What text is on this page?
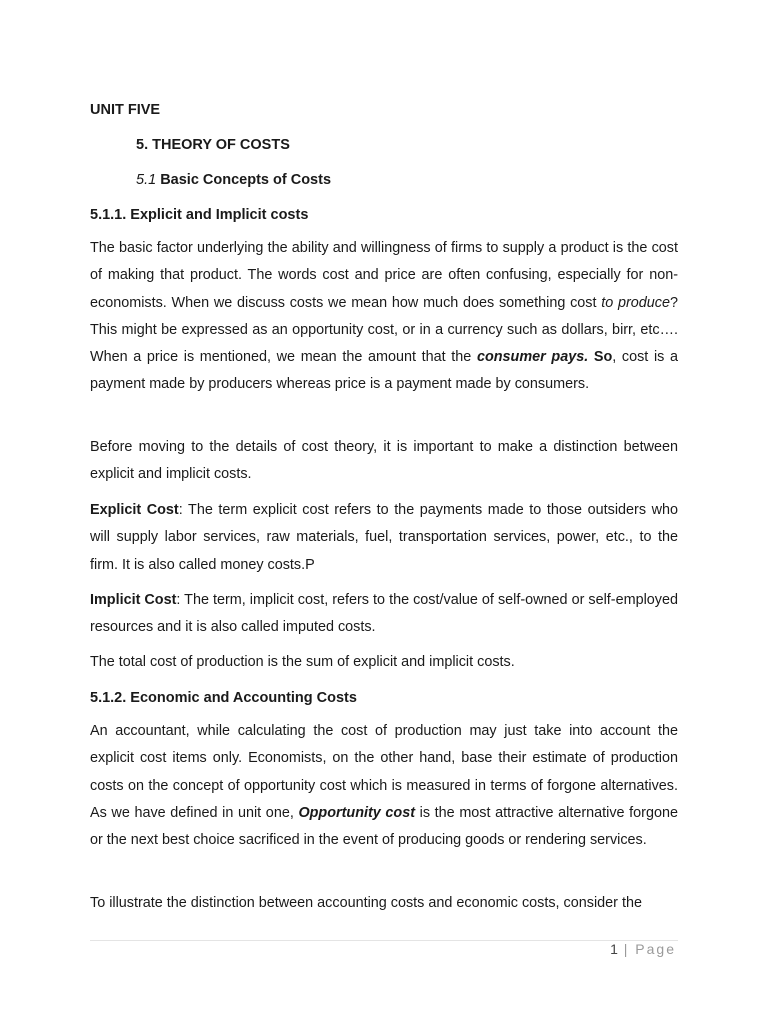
UNIT FIVE
5. THEORY OF COSTS
5.1 Basic Concepts of Costs
5.1.1. Explicit and Implicit costs

The basic factor underlying the ability and willingness of firms to supply a product is the cost of making that product. The words cost and price are often confusing, especially for non-economists. When we discuss costs we mean how much does something cost to produce? This might be expressed as an opportunity cost, or in a currency such as dollars, birr, etc…. When a price is mentioned, we mean the amount that the consumer pays. So, cost is a payment made by producers whereas price is a payment made by consumers.

Before moving to the details of cost theory, it is important to make a distinction between explicit and implicit costs.

Explicit Cost: The term explicit cost refers to the payments made to those outsiders who will supply labor services, raw materials, fuel, transportation services, power, etc., to the firm. It is also called money costs.P

Implicit Cost: The term, implicit cost, refers to the cost/value of self-owned or self-employed resources and it is also called imputed costs.

The total cost of production is the sum of explicit and implicit costs.

5.1.2. Economic and Accounting Costs

An accountant, while calculating the cost of production may just take into account the explicit cost items only. Economists, on the other hand, base their estimate of production costs on the concept of opportunity cost which is measured in terms of forgone alternatives. As we have defined in unit one, Opportunity cost is the most attractive alternative forgone or the next best choice sacrificed in the event of producing goods or rendering services.

To illustrate the distinction between accounting costs and economic costs, consider the

1 | Page
